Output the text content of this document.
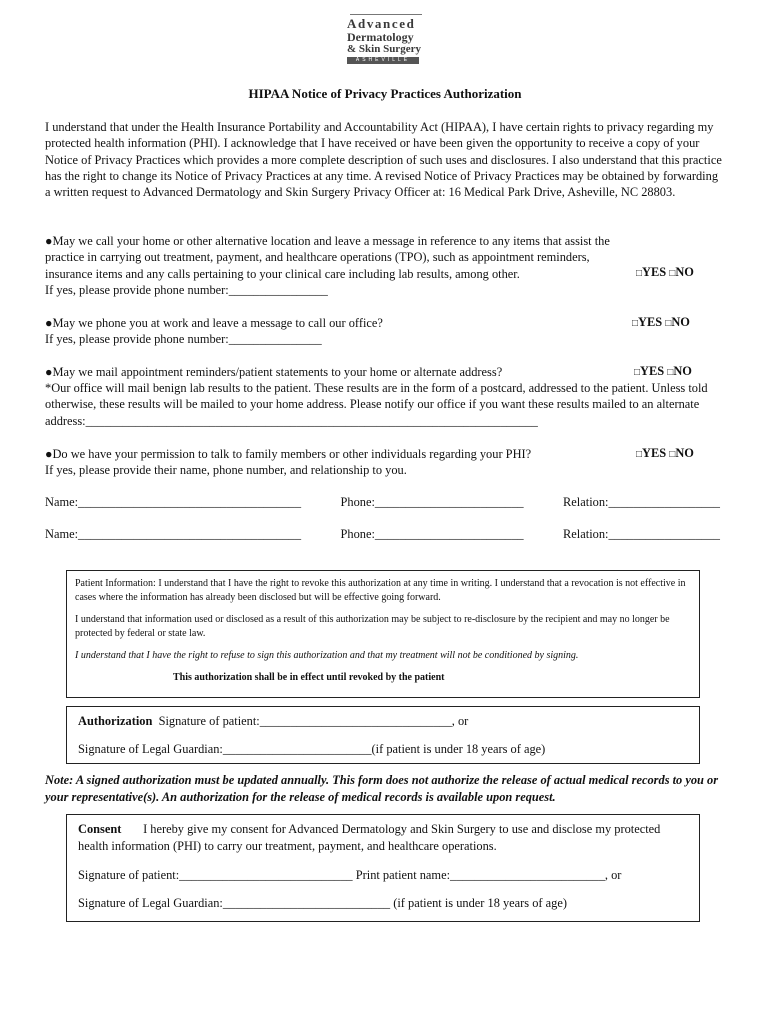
Advanced
Dermatology
& Skin Surgery
ASHEVILLE
HIPAA Notice of Privacy Practices Authorization

I understand that under the Health Insurance Portability and Accountability Act (HIPAA), I have certain rights to privacy regarding my protected health information (PHI). I acknowledge that I have received or have been given the opportunity to receive a copy of your Notice of Privacy Practices which provides a more complete description of such uses and disclosures. I also understand that this practice has the right to change its Notice of Privacy Practices at any time. A revised Notice of Privacy Practices may be obtained by forwarding a written request to Advanced Dermatology and Skin Surgery Privacy Officer at: 16 Medical Park Drive, Asheville, NC 28803.

●May we call your home or other alternative location and leave a message in reference to any items that assist the practice in carrying out treatment, payment, and healthcare operations (TPO), such as appointment reminders, insurance items and any calls pertaining to your clinical care including lab results, among other.	□YES □NO

If yes, please provide phone number:________________

●May we phone you at work and leave a message to call our office?	□YES □NO

If yes, please provide phone number:_______________

●May we mail appointment reminders/patient statements to your home or alternate address?	□YES □NO

*Our office will mail benign lab results to the patient. These results are in the form of a postcard, addressed to the patient. Unless told otherwise, these results will be mailed to your home address. Please notify our office if you want these results mailed to an alternate address:_________________________________________________________________________

●Do we have your permission to talk to family members or other individuals regarding your PHI?	□YES □NO

If yes, please provide their name, phone number, and relationship to you.

Name:____________________________________	Phone:________________________	Relation:__________________
Name:____________________________________	Phone:________________________	Relation:__________________

Patient Information: I understand that I have the right to revoke this authorization at any time in writing. I understand that a revocation is not effective in cases where the information has already been disclosed but will be effective going forward.

I understand that information used or disclosed as a result of this authorization may be subject to re-disclosure by the recipient and may no longer be protected by federal or state law.

I understand that I have the right to refuse to sign this authorization and that my treatment will not be conditioned by signing.

This authorization shall be in effect until revoked by the patient
Authorization Signature of patient:_______________________________, or
Signature of Legal Guardian:________________________(if patient is under 18 years of age)
Note: A signed authorization must be updated annually. This form does not authorize the release of actual medical records to you or your representative(s). An authorization for the release of medical records is available upon request.
Consent I hereby give my consent for Advanced Dermatology and Skin Surgery to use and disclose my protected health information (PHI) to carry our treatment, payment, and healthcare operations.
Signature of patient:____________________________ Print patient name:_________________________, or
Signature of Legal Guardian:___________________________ (if patient is under 18 years of age)
